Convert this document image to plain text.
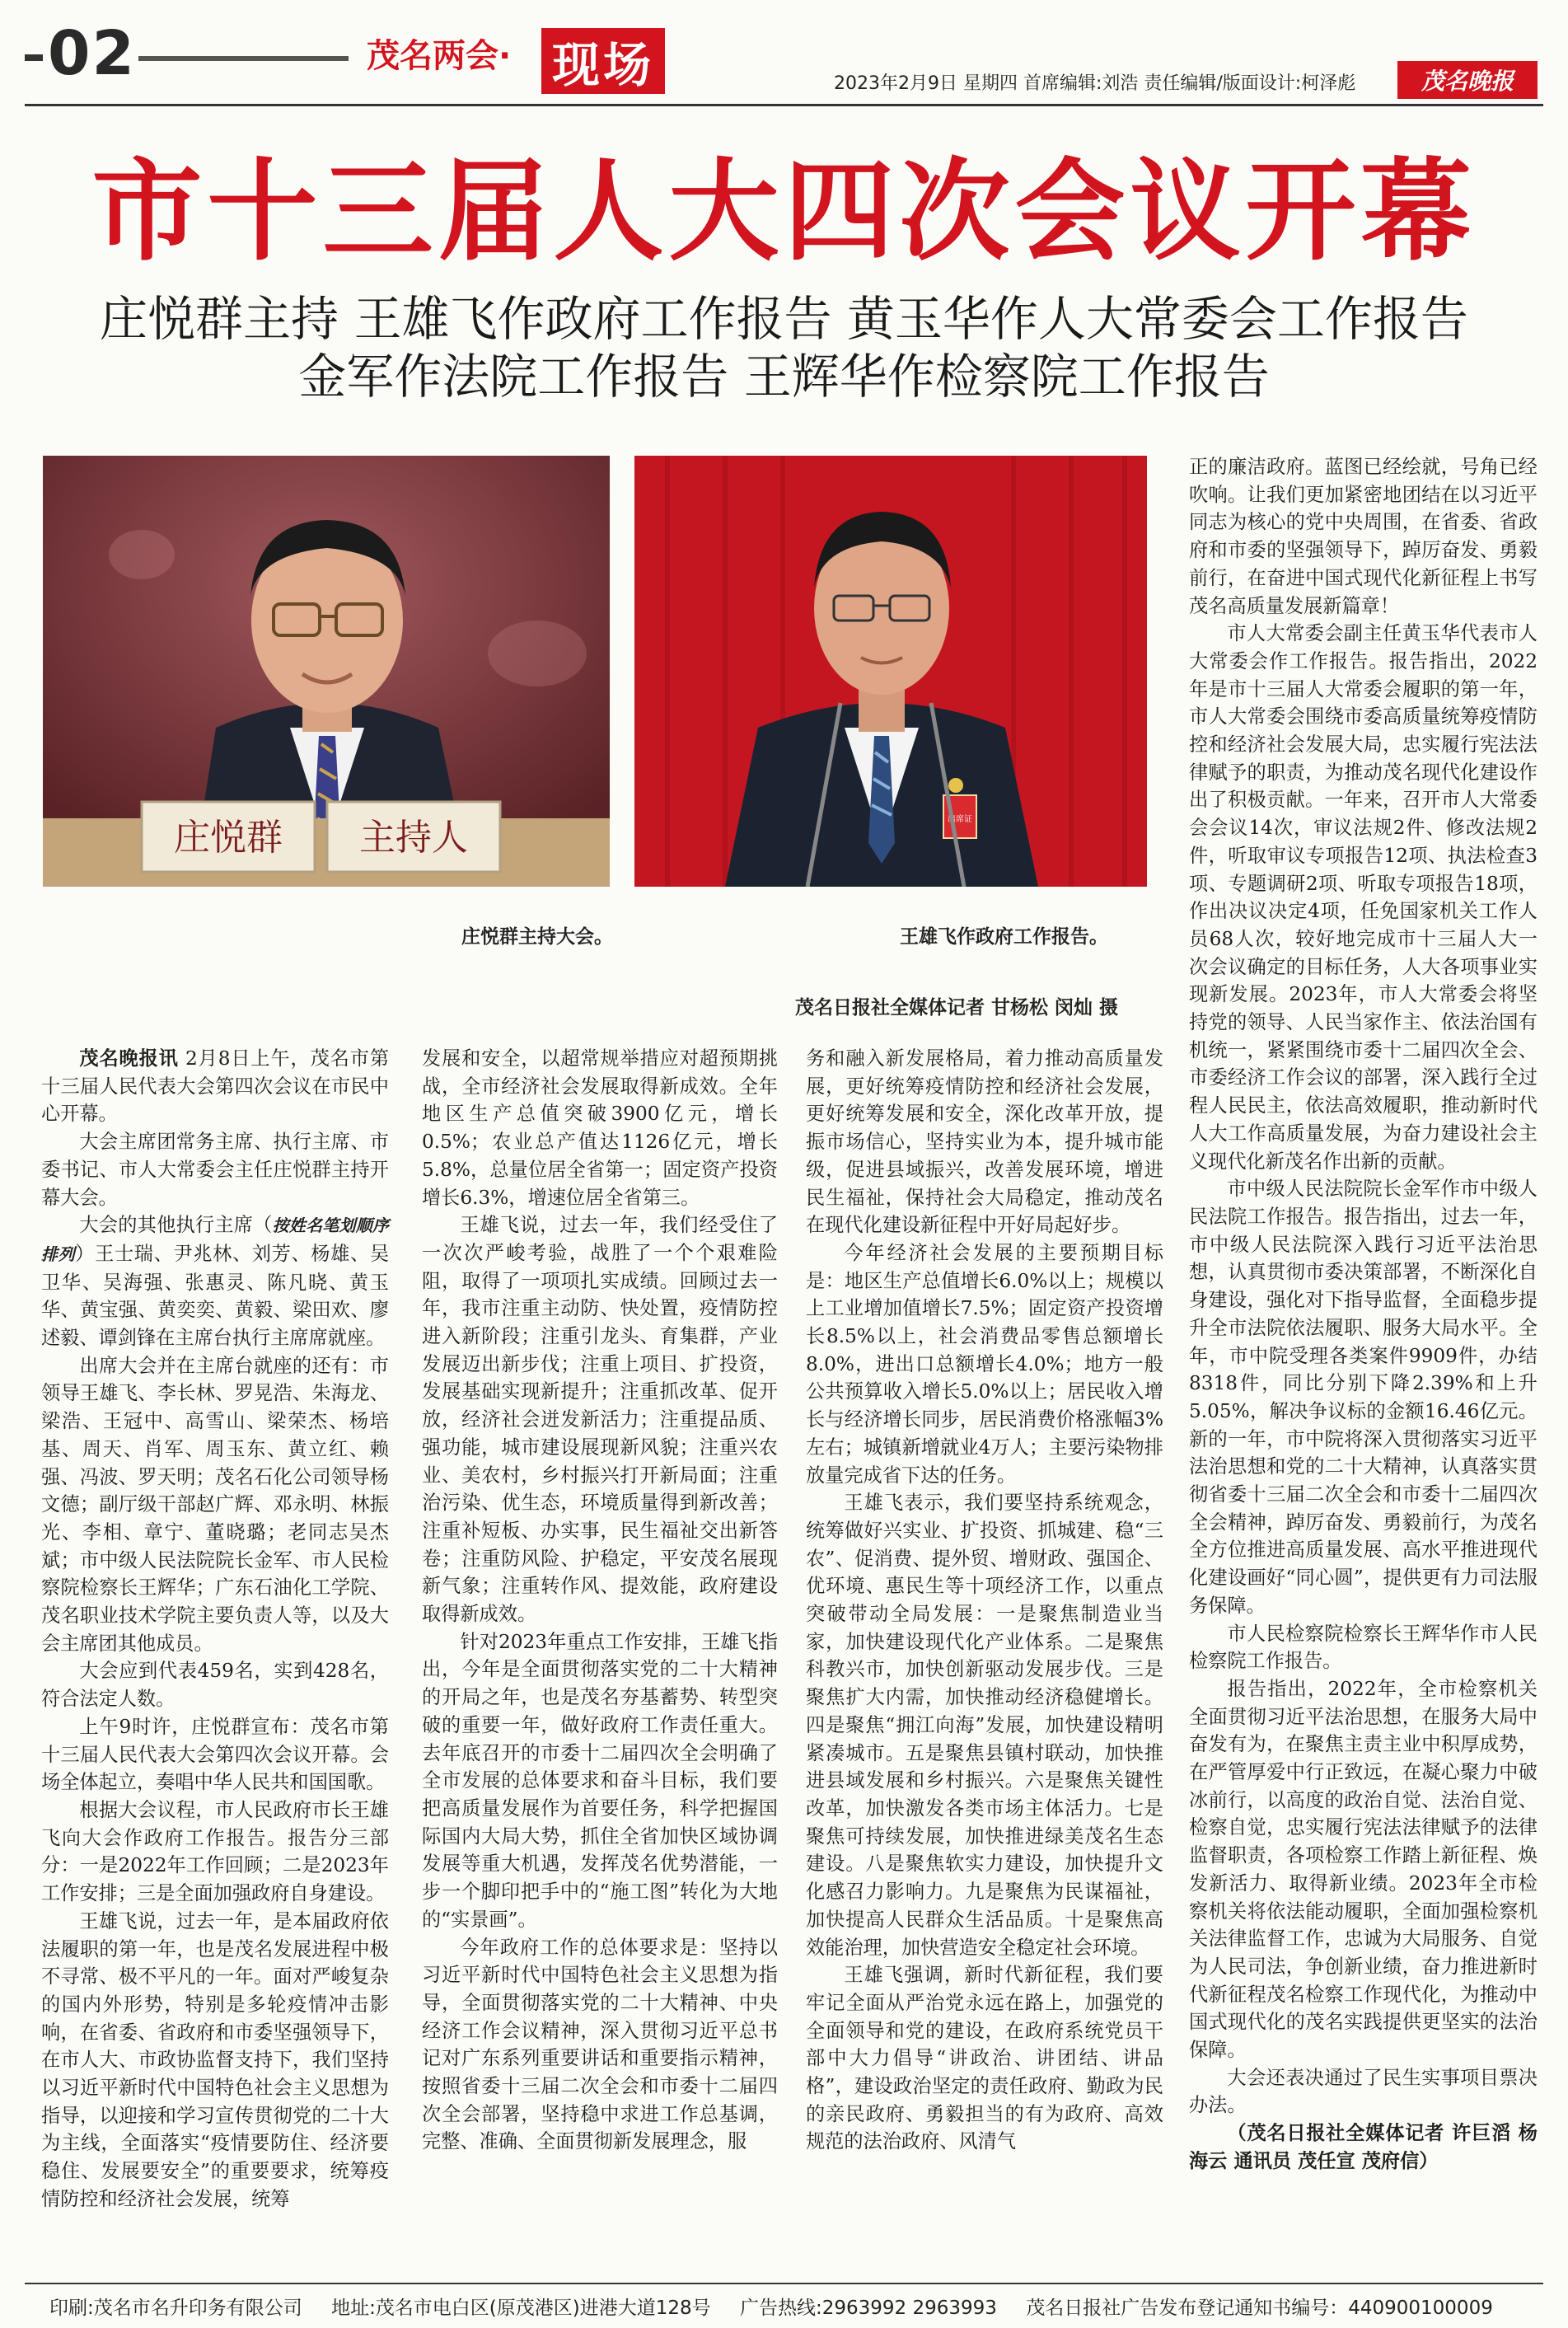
02	茂名两会· 现场	2023年2月9日 星期四 首席编辑:刘浩 责任编辑/版面设计:柯泽彪	茂名晚报
市十三届人大四次会议开幕
庄悦群主持 王雄飞作政府工作报告 黄玉华作人大常委会工作报告
金军作法院工作报告 王辉华作检察院工作报告
庄悦群 主持人	出席证
庄悦群主持大会。	王雄飞作政府工作报告。
茂名日报社全媒体记者 甘杨松 闵灿 摄

茂名晚报讯 2月8日上午，茂名市第十三届人民代表大会第四次会议在市民中心开幕。

大会主席团常务主席、执行主席、市委书记、市人大常委会主任庄悦群主持开幕大会。

大会的其他执行主席（按姓名笔划顺序排列）王士瑞、尹兆林、刘芳、杨雄、吴卫华、吴海强、张惠灵、陈凡晓、黄玉华、黄宝强、黄奕奕、黄毅、梁田欢、廖述毅、谭剑锋在主席台执行主席席就座。

出席大会并在主席台就座的还有：市领导王雄飞、李长林、罗晃浩、朱海龙、梁浩、王冠中、高雪山、梁荣杰、杨培基、周天、肖军、周玉东、黄立红、赖强、冯波、罗天明；茂名石化公司领导杨文德；副厅级干部赵广辉、邓永明、林振光、李相、章宁、董晓璐；老同志吴杰斌；市中级人民法院院长金军、市人民检察院检察长王辉华；广东石油化工学院、茂名职业技术学院主要负责人等，以及大会主席团其他成员。

大会应到代表459名，实到428名，符合法定人数。

上午9时许，庄悦群宣布：茂名市第十三届人民代表大会第四次会议开幕。会场全体起立，奏唱中华人民共和国国歌。

根据大会议程，市人民政府市长王雄飞向大会作政府工作报告。报告分三部分：一是2022年工作回顾；二是2023年工作安排；三是全面加强政府自身建设。

王雄飞说，过去一年，是本届政府依法履职的第一年，也是茂名发展进程中极不寻常、极不平凡的一年。面对严峻复杂的国内外形势，特别是多轮疫情冲击影响，在省委、省政府和市委坚强领导下，在市人大、市政协监督支持下，我们坚持以习近平新时代中国特色社会主义思想为指导，以迎接和学习宣传贯彻党的二十大为主线，全面落实“疫情要防住、经济要稳住、发展要安全”的重要要求，统筹疫情防控和经济社会发展，统筹

发展和安全，以超常规举措应对超预期挑战，全市经济社会发展取得新成效。全年地区生产总值突破3900亿元，增长0.5%；农业总产值达1126亿元，增长5.8%，总量位居全省第一；固定资产投资增长6.3%，增速位居全省第三。

王雄飞说，过去一年，我们经受住了一次次严峻考验，战胜了一个个艰难险阻，取得了一项项扎实成绩。回顾过去一年，我市注重主动防、快处置，疫情防控进入新阶段；注重引龙头、育集群，产业发展迈出新步伐；注重上项目、扩投资，发展基础实现新提升；注重抓改革、促开放，经济社会迸发新活力；注重提品质、强功能，城市建设展现新风貌；注重兴农业、美农村，乡村振兴打开新局面；注重治污染、优生态，环境质量得到新改善；注重补短板、办实事，民生福祉交出新答卷；注重防风险、护稳定，平安茂名展现新气象；注重转作风、提效能，政府建设取得新成效。

针对2023年重点工作安排，王雄飞指出，今年是全面贯彻落实党的二十大精神的开局之年，也是茂名夯基蓄势、转型突破的重要一年，做好政府工作责任重大。去年底召开的市委十二届四次全会明确了全市发展的总体要求和奋斗目标，我们要把高质量发展作为首要任务，科学把握国际国内大局大势，抓住全省加快区域协调发展等重大机遇，发挥茂名优势潜能，一步一个脚印把手中的“施工图”转化为大地的“实景画”。

今年政府工作的总体要求是：坚持以习近平新时代中国特色社会主义思想为指导，全面贯彻落实党的二十大精神、中央经济工作会议精神，深入贯彻习近平总书记对广东系列重要讲话和重要指示精神，按照省委十三届二次全会和市委十二届四次全会部署，坚持稳中求进工作总基调，完整、准确、全面贯彻新发展理念，服

务和融入新发展格局，着力推动高质量发展，更好统筹疫情防控和经济社会发展，更好统筹发展和安全，深化改革开放，提振市场信心，坚持实业为本，提升城市能级，促进县域振兴，改善发展环境，增进民生福祉，保持社会大局稳定，推动茂名在现代化建设新征程中开好局起好步。

今年经济社会发展的主要预期目标是：地区生产总值增长6.0%以上；规模以上工业增加值增长7.5%；固定资产投资增长8.5%以上，社会消费品零售总额增长8.0%，进出口总额增长4.0%；地方一般公共预算收入增长5.0%以上；居民收入增长与经济增长同步，居民消费价格涨幅3%左右；城镇新增就业4万人；主要污染物排放量完成省下达的任务。

王雄飞表示，我们要坚持系统观念，统筹做好兴实业、扩投资、抓城建、稳“三农”、促消费、提外贸、增财政、强国企、优环境、惠民生等十项经济工作，以重点突破带动全局发展：一是聚焦制造业当家，加快建设现代化产业体系。二是聚焦科教兴市，加快创新驱动发展步伐。三是聚焦扩大内需，加快推动经济稳健增长。四是聚焦“拥江向海”发展，加快建设精明紧凑城市。五是聚焦县镇村联动，加快推进县域发展和乡村振兴。六是聚焦关键性改革，加快激发各类市场主体活力。七是聚焦可持续发展，加快推进绿美茂名生态建设。八是聚焦软实力建设，加快提升文化感召力影响力。九是聚焦为民谋福祉，加快提高人民群众生活品质。十是聚焦高效能治理，加快营造安全稳定社会环境。

王雄飞强调，新时代新征程，我们要牢记全面从严治党永远在路上，加强党的全面领导和党的建设，在政府系统党员干部中大力倡导“讲政治、讲团结、讲品格”，建设政治坚定的责任政府、勤政为民的亲民政府、勇毅担当的有为政府、高效规范的法治政府、风清气

正的廉洁政府。蓝图已经绘就，号角已经吹响。让我们更加紧密地团结在以习近平同志为核心的党中央周围，在省委、省政府和市委的坚强领导下，踔厉奋发、勇毅前行，在奋进中国式现代化新征程上书写茂名高质量发展新篇章！

市人大常委会副主任黄玉华代表市人大常委会作工作报告。报告指出，2022年是市十三届人大常委会履职的第一年，市人大常委会围绕市委高质量统筹疫情防控和经济社会发展大局，忠实履行宪法法律赋予的职责，为推动茂名现代化建设作出了积极贡献。一年来，召开市人大常委会会议14次，审议法规2件、修改法规2件，听取审议专项报告12项、执法检查3项、专题调研2项、听取专项报告18项，作出决议决定4项，任免国家机关工作人员68人次，较好地完成市十三届人大一次会议确定的目标任务，人大各项事业实现新发展。2023年，市人大常委会将坚持党的领导、人民当家作主、依法治国有机统一，紧紧围绕市委十二届四次全会、市委经济工作会议的部署，深入践行全过程人民民主，依法高效履职，推动新时代人大工作高质量发展，为奋力建设社会主义现代化新茂名作出新的贡献。

市中级人民法院院长金军作市中级人民法院工作报告。报告指出，过去一年，市中级人民法院深入践行习近平法治思想，认真贯彻市委决策部署，不断深化自身建设，强化对下指导监督，全面稳步提升全市法院依法履职、服务大局水平。全年，市中院受理各类案件9909件，办结8318件，同比分别下降2.39%和上升5.05%，解决争议标的金额16.46亿元。新的一年，市中院将深入贯彻落实习近平法治思想和党的二十大精神，认真落实贯彻省委十三届二次全会和市委十二届四次全会精神，踔厉奋发、勇毅前行，为茂名全方位推进高质量发展、高水平推进现代化建设画好“同心圆”，提供更有力司法服务保障。

市人民检察院检察长王辉华作市人民检察院工作报告。

报告指出，2022年，全市检察机关全面贯彻习近平法治思想，在服务大局中奋发有为，在聚焦主责主业中积厚成势，在严管厚爱中行正致远，在凝心聚力中破冰前行，以高度的政治自觉、法治自觉、检察自觉，忠实履行宪法法律赋予的法律监督职责，各项检察工作踏上新征程、焕发新活力、取得新业绩。2023年全市检察机关将依法能动履职，全面加强检察机关法律监督工作，忠诚为大局服务、自觉为人民司法，争创新业绩，奋力推进新时代新征程茂名检察工作现代化，为推动中国式现代化的茂名实践提供更坚实的法治保障。

大会还表决通过了民生实事项目票决办法。

（茂名日报社全媒体记者 许巨滔 杨海云 通讯员 茂任宣 茂府信）

印刷:茂名市名升印务有限公司 地址:茂名市电白区(原茂港区)进港大道128号 广告热线:2963992 2963993 茂名日报社广告发布登记通知书编号：440900100009
